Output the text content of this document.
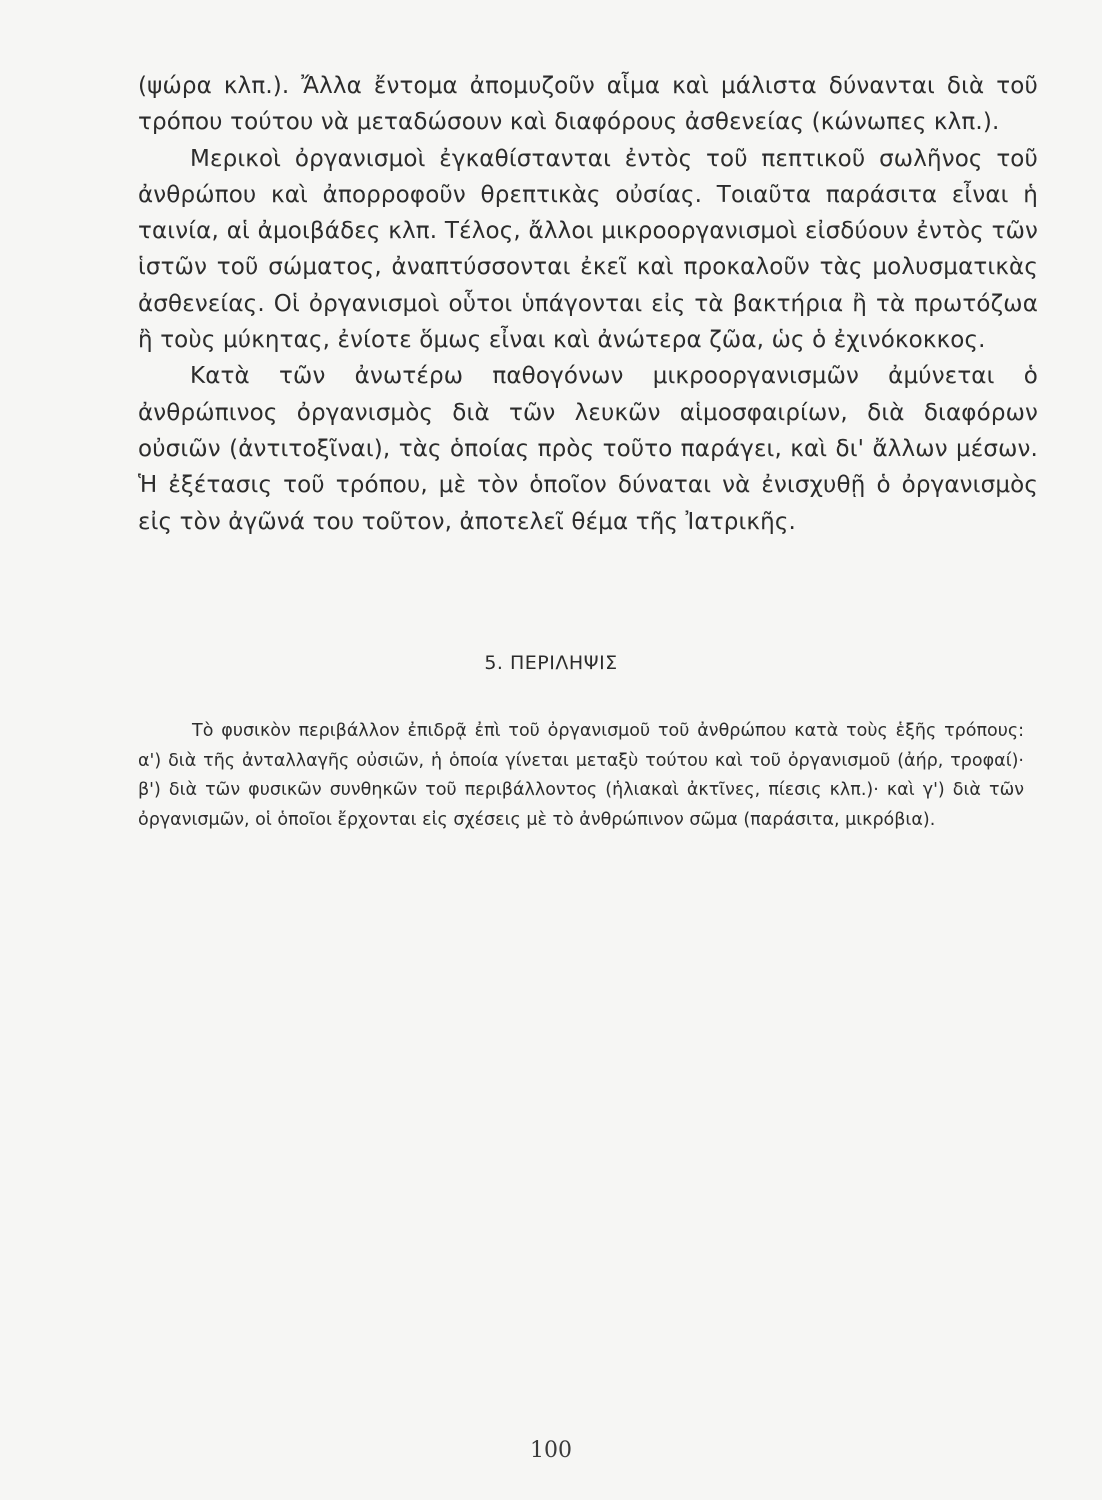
(ψώρα κλπ.). Ἄλλα ἔντομα ἀπομυζοῦν αἷμα καὶ μάλιστα δύνανται διὰ τοῦ τρόπου τούτου νὰ μεταδώσουν καὶ διαφόρους ἀσθενείας (κώνωπες κλπ.).

Μερικοὶ ὀργανισμοὶ ἐγκαθίστανται ἐντὸς τοῦ πεπτικοῦ σωλῆνος τοῦ ἀνθρώπου καὶ ἀπορροφοῦν θρεπτικὰς οὐσίας. Τοιαῦτα παράσιτα εἶναι ἡ ταινία, αἱ ἀμοιβάδες κλπ. Τέλος, ἄλλοι μικροοργανισμοὶ εἰσδύουν ἐντὸς τῶν ἱστῶν τοῦ σώματος, ἀναπτύσσονται ἐκεῖ καὶ προκαλοῦν τὰς μολυσματικὰς ἀσθενείας. Οἱ ὀργανισμοὶ οὗτοι ὑπάγονται εἰς τὰ βακτήρια ἢ τὰ πρωτόζωα ἢ τοὺς μύκητας, ἐνίοτε ὅμως εἶναι καὶ ἀνώτερα ζῶα, ὡς ὁ ἐχινόκοκκος.

Κατὰ τῶν ἀνωτέρω παθογόνων μικροοργανισμῶν ἀμύνεται ὁ ἀνθρώπινος ὀργανισμὸς διὰ τῶν λευκῶν αἱμοσφαιρίων, διὰ διαφόρων οὐσιῶν (ἀντιτοξῖναι), τὰς ὁποίας πρὸς τοῦτο παράγει, καὶ δι' ἄλλων μέσων. Ἡ ἐξέτασις τοῦ τρόπου, μὲ τὸν ὁποῖον δύναται νὰ ἐνισχυθῇ ὁ ὀργανισμὸς εἰς τὸν ἀγῶνά του τοῦτον, ἀποτελεῖ θέμα τῆς Ἰατρικῆς.

5. ΠΕΡΙΛΗΨΙΣ

Τὸ φυσικὸν περιβάλλον ἐπιδρᾷ ἐπὶ τοῦ ὀργανισμοῦ τοῦ ἀνθρώπου κατὰ τοὺς ἑξῆς τρόπους: α') διὰ τῆς ἀνταλλαγῆς οὐσιῶν, ἡ ὁποία γίνεται μεταξὺ τούτου καὶ τοῦ ὀργανισμοῦ (ἀήρ, τροφαί)· β') διὰ τῶν φυσικῶν συνθηκῶν τοῦ περιβάλλοντος (ἡλιακαὶ ἀκτῖνες, πίεσις κλπ.)· καὶ γ') διὰ τῶν ὀργανισμῶν, οἱ ὁποῖοι ἔρχονται εἰς σχέσεις μὲ τὸ ἀνθρώπινον σῶμα (παράσιτα, μικρόβια).

100
